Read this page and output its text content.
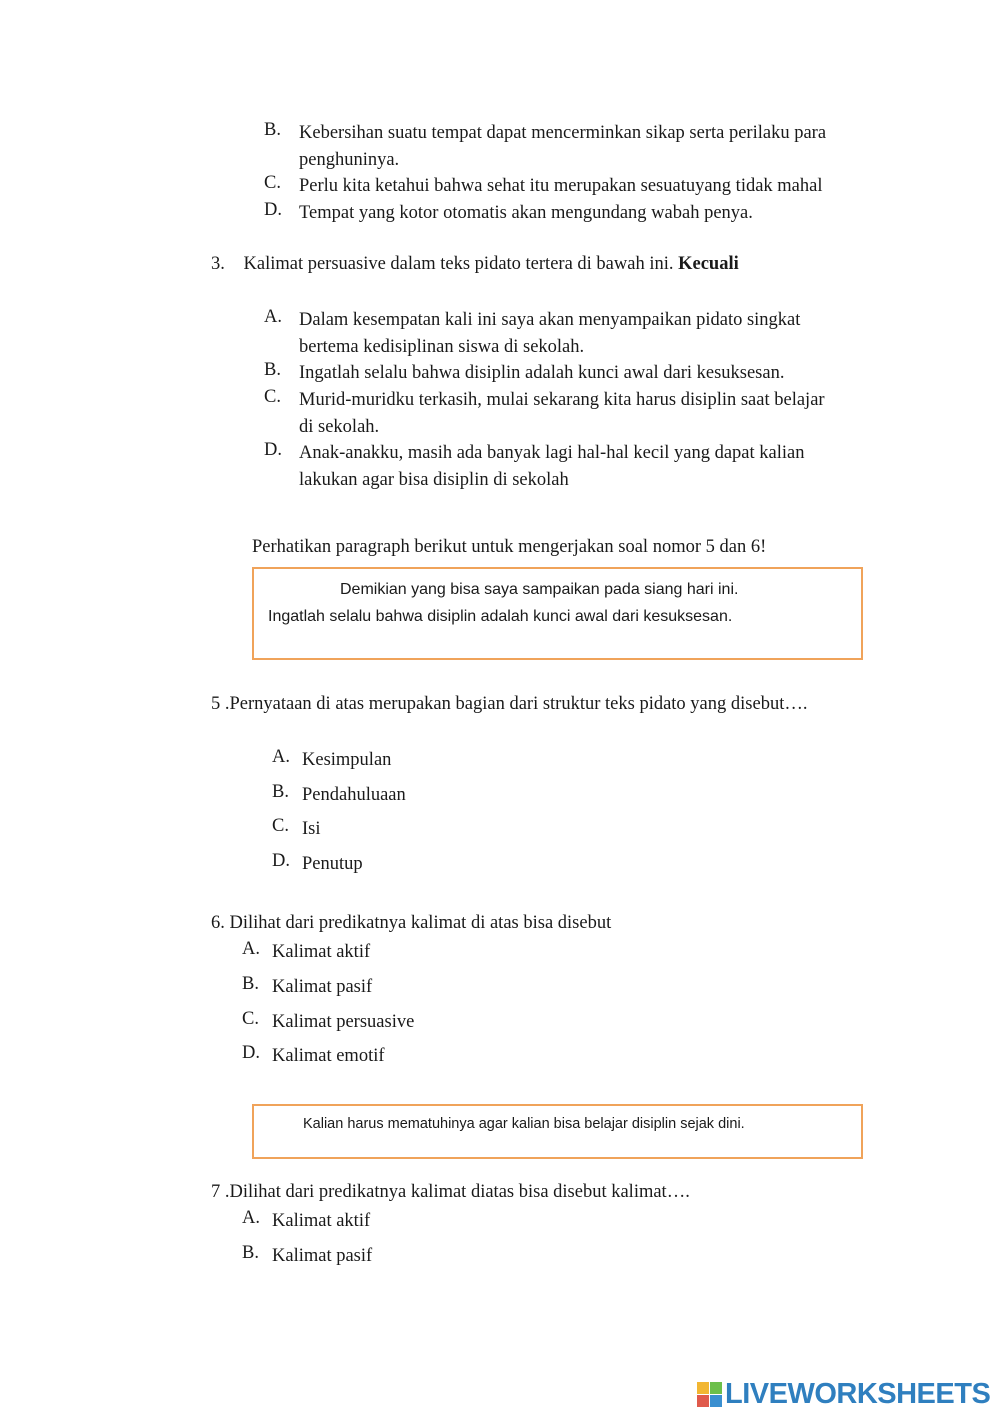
B. Kebersihan suatu tempat dapat mencerminkan sikap serta perilaku para
penghuninya.
C. Perlu kita ketahui bahwa sehat itu merupakan sesuatuyang tidak mahal
D. Tempat yang kotor otomatis akan mengundang wabah penya.
3. Kalimat persuasive dalam teks pidato tertera di bawah ini. Kecuali
A. Dalam kesempatan kali ini saya akan menyampaikan pidato singkat
bertema kedisiplinan siswa di sekolah.
B. Ingatlah selalu bahwa disiplin adalah kunci awal dari kesuksesan.
C. Murid-muridku terkasih, mulai sekarang kita harus disiplin saat belajar
di sekolah.
D. Anak-anakku, masih ada banyak lagi hal-hal kecil yang dapat kalian
lakukan agar bisa disiplin di sekolah
Perhatikan paragraph berikut untuk mengerjakan soal nomor 5 dan 6!
Demikian yang bisa saya sampaikan pada siang hari ini.
Ingatlah selalu bahwa disiplin adalah kunci awal dari kesuksesan.
5 .Pernyataan di atas merupakan bagian dari struktur teks pidato yang disebut….
A. Kesimpulan
B. Pendahuluaan
C. Isi
D. Penutup
6. Dilihat dari predikatnya kalimat di atas bisa disebut
A. Kalimat aktif
B. Kalimat pasif
C. Kalimat persuasive
D. Kalimat emotif
Kalian harus mematuhinya agar kalian bisa belajar disiplin sejak dini.
7 .Dilihat dari predikatnya kalimat diatas bisa disebut kalimat….
A. Kalimat aktif
B. Kalimat pasif
LIVEWORKSHEETS
